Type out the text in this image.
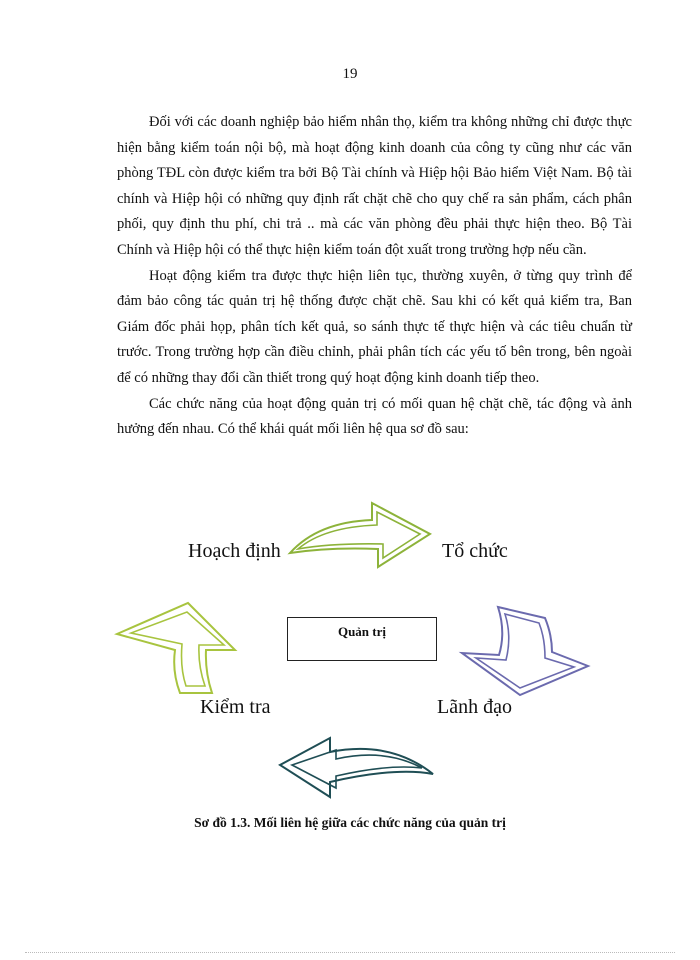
19

Đối với các doanh nghiệp bảo hiểm nhân thọ, kiểm tra không những chỉ được thực hiện bằng kiểm toán nội bộ, mà hoạt động kinh doanh của công ty cũng như các văn phòng TĐL còn được kiểm tra bởi Bộ Tài chính và Hiệp hội Bảo hiểm Việt Nam. Bộ tài chính và Hiệp hội có những quy định rất chặt chẽ cho quy chế ra sản phẩm, cách phân phối, quy định thu phí, chi trả .. mà các văn phòng đều phải thực hiện theo. Bộ Tài Chính và Hiệp hội có thể thực hiện kiểm toán đột xuất trong trường hợp nếu cần.

Hoạt động kiểm tra được thực hiện liên tục, thường xuyên, ở từng quy trình để đảm bảo công tác quản trị hệ thống được chặt chẽ. Sau khi có kết quả kiểm tra, Ban Giám đốc phải họp, phân tích kết quả, so sánh thực tế thực hiện và các tiêu chuẩn từ trước. Trong trường hợp cần điều chỉnh, phải phân tích các yếu tố bên trong, bên ngoài để có những thay đổi cần thiết trong quý hoạt động kinh doanh tiếp theo.

Các chức năng của hoạt động quản trị có mối quan hệ chặt chẽ, tác động và ảnh hưởng đến nhau. Có thể khái quát mối liên hệ qua sơ đồ sau:

Hoạch định	Tổ chức
Quản trị
Kiểm tra	Lãnh đạo
Sơ đồ 1.3. Mối liên hệ giữa các chức năng của quản trị
